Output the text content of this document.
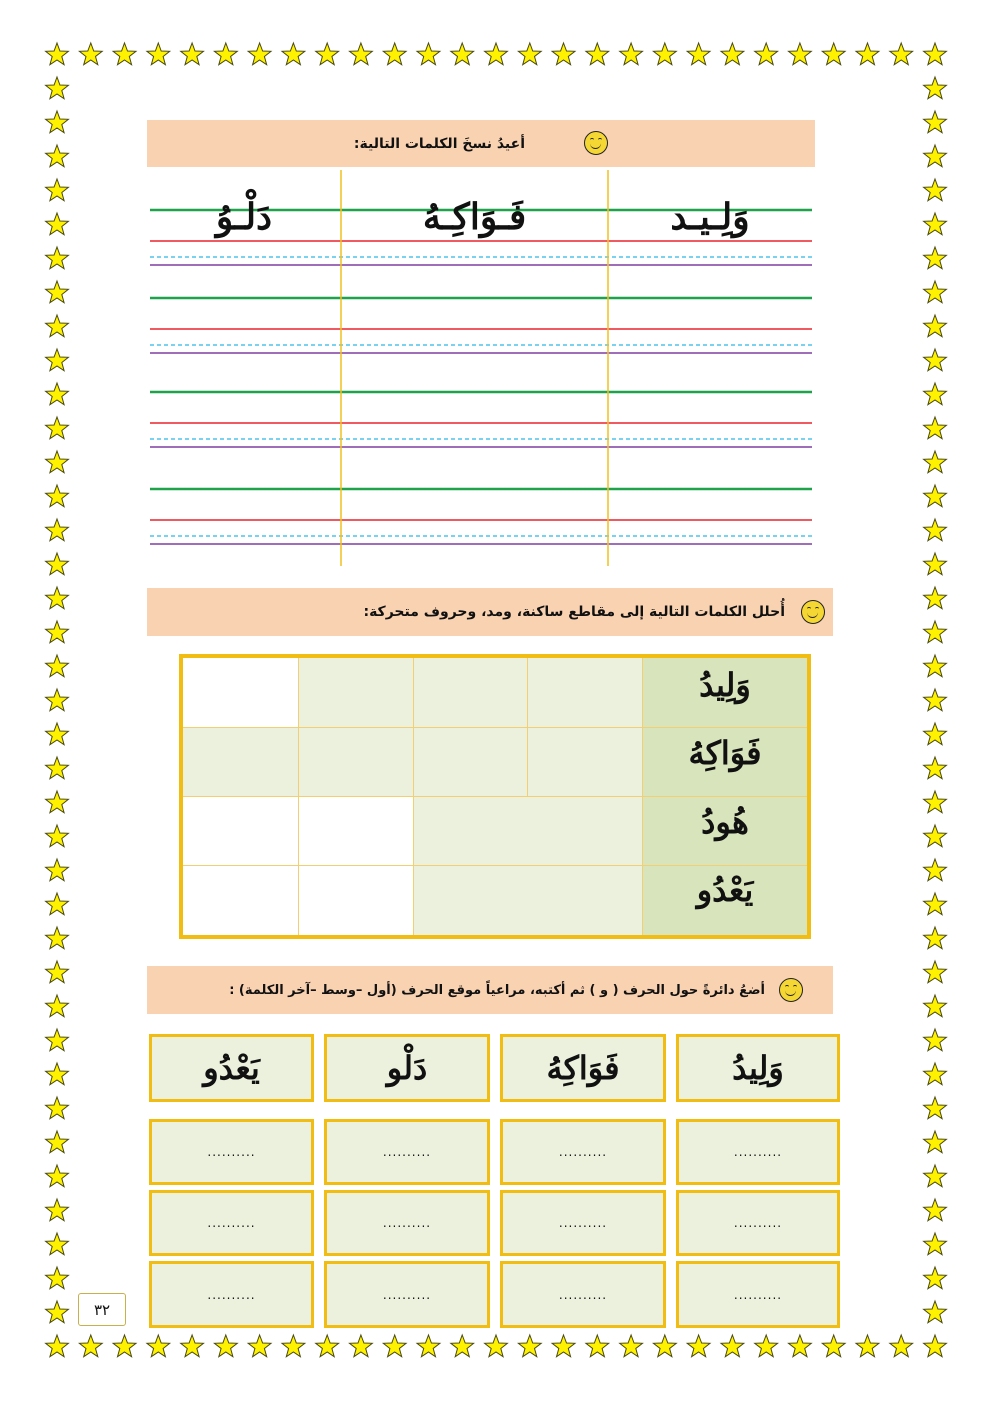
أعيدُ نسخَ الكلمات التالية:
وَلِـيـد
فَـوَاكِـهُ
دَلْـوُ
أُحلل الكلمات التالية إلى مقاطع ساكنة، ومد، وحروف متحركة:
وَلِيدُ
فَوَاكِهُ
هُودُ
يَعْدُو
أضعُ دائرةً حول الحرف ( و ) ثم أكتبه، مراعياً موقع الحرف (أول –وسط –آخر الكلمة) :
وَلِيدُ
فَوَاكِهُ
دَلْو
يَعْدُو
..........
..........
..........
..........
..........
..........
..........
..........
..........
..........
..........
..........
٣٢
